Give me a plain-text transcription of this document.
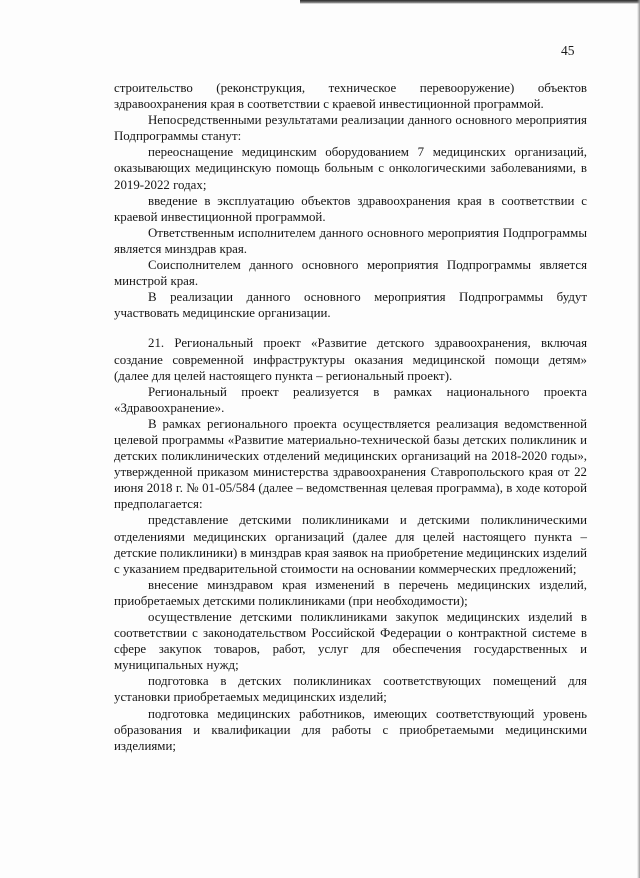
45

строительство (реконструкция, техническое перевооружение) объектов здравоохранения края в соответствии с краевой инвестиционной программой.

Непосредственными результатами реализации данного основного мероприятия Подпрограммы станут:

переоснащение медицинским оборудованием 7 медицинских организаций, оказывающих медицинскую помощь больным с онкологическими заболеваниями, в 2019-2022 годах;

введение в эксплуатацию объектов здравоохранения края в соответствии с краевой инвестиционной программой.

Ответственным исполнителем данного основного мероприятия Подпрограммы является минздрав края.

Соисполнителем данного основного мероприятия Подпрограммы является минстрой края.

В реализации данного основного мероприятия Подпрограммы будут участвовать медицинские организации.

21. Региональный проект «Развитие детского здравоохранения, включая создание современной инфраструктуры оказания медицинской помощи детям» (далее для целей настоящего пункта – региональный проект).

Региональный проект реализуется в рамках национального проекта «Здравоохранение».

В рамках регионального проекта осуществляется реализация ведомственной целевой программы «Развитие материально-технической базы детских поликлиник и детских поликлинических отделений медицинских организаций на 2018-2020 годы», утвержденной приказом министерства здравоохранения Ставропольского края от 22 июня 2018 г. № 01-05/584 (далее – ведомственная целевая программа), в ходе которой предполагается:

представление детскими поликлиниками и детскими поликлиническими отделениями медицинских организаций (далее для целей настоящего пункта – детские поликлиники) в минздрав края заявок на приобретение медицинских изделий с указанием предварительной стоимости на основании коммерческих предложений;

внесение минздравом края изменений в перечень медицинских изделий, приобретаемых детскими поликлиниками (при необходимости);

осуществление детскими поликлиниками закупок медицинских изделий в соответствии с законодательством Российской Федерации о контрактной системе в сфере закупок товаров, работ, услуг для обеспечения государственных и муниципальных нужд;

подготовка в детских поликлиниках соответствующих помещений для установки приобретаемых медицинских изделий;

подготовка медицинских работников, имеющих соответствующий уровень образования и квалификации для работы с приобретаемыми медицинскими изделиями;
